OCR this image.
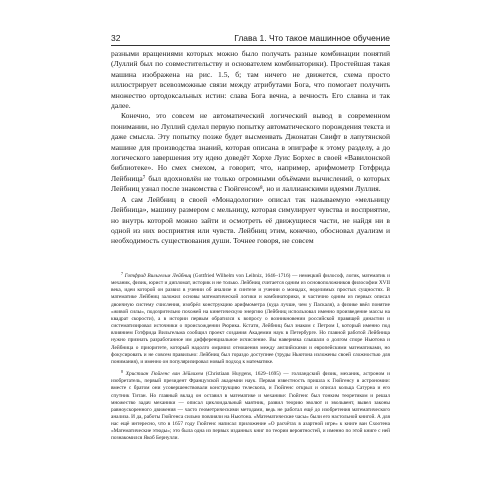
32	Глава 1. Что такое машинное обучение

разными вращениями которых можно было получать разные комбинации понятий (Луллий был по совместительству и основателем комбинаторики). Простейшая такая машина изображена на рис. 1.5, б; там ничего не движется, схема просто иллюстрирует всевозможные связи между атрибутами Бога, что помогает получить множество ортодоксальных истин: слава Бога вечна, а вечность Его славна и так далее.

Конечно, это совсем не автоматический логический вывод в современном понимании, но Луллий сделал первую попытку автоматического порождения текста и даже смысла. Эту попытку позже будет высмеивать Джонатан Свифт в лапутянской машине для производства знаний, которая описана в эпиграфе к этому разделу, а до логического завершения эту идею доведёт Хорхе Луис Борхес в своей «Вавилонской библиотеке». Но смех смехом, а говорит, что, например, арифмометр Готфрида Лейбница⁷ был вдохновлён не только огромными объёмами вычислений, о которых Лейбниц узнал после знакомства с Гюйгенсом⁸, но и лаллианскими идеями Луллия.

А сам Лейбниц в своей «Монадологии» описал так называемую «мельницу Лейбница», машину размером с мельницу, которая симулирует чувства и восприятие, но внутрь которой можно зайти и осмотреть её движущиеся части, не найдя ни в одной из них восприятия или чувств. Лейбниц этим, конечно, обосновал дуализм и необходимость существования души. Точнее говоря, не совсем

$^7$ Готфрид Вильгельм Лейбниц (Gottfried Wilhelm von Leibniz, 1646–1716) — немецкий философ, логик, математик и механик, физик, юрист и дипломат, историк и не только. Лейбниц считается одним из основоположников философии XVII века, идеи которой он развил в учении об анализе и синтезе и учении о монадах, неделимых простых сущностях. В математике Лейбниц заложил основы математической логики и комбинаторики, и частично одним из первых описал двоичную систему счисления, изобрёл конструкцию арифмометра (куда лучше, чем у Паскаля), а физике ввёл понятие «живой силы», подозрительно похожей на кинетическую энергию (Лейбниц использовал именно произведение массы на квадрат скорости), а в истории первым обратился к вопросу о возникновении российской правящей династии и систематизировал источники о происхождении Рюрика. Кстати, Лейбниц был знаком с Петром I, который именно под влиянием Готфрида Вильгельма сообщил проект создания Академии наук в Петербурге. Но главной работой Лейбница нужно признать разработанное им дифференциальное исчисление. Вы наверняка слышали о долгом споре Ньютона и Лейбница о приоритете, который надолго омрачил отношения между английскими и европейскими математиками, но фокусировать и не совсем правильно: Лейбниц был гораздо доступнее (труды Ньютона изложены своей сложностью для понимания), и именно он популяризировал новый подход к математике.

$^8$ Христиан Гюйгенс ван Зёйлихем (Christiaan Huygens, 1629–1695) — голландский физик, механик, астроном и изобретатель, первый президент Французской академии наук. Первая известность пришла к Гюйгенсу в астрономии: вместе с братом они усовершенствовали конструкцию телескопа, и Гюйгенс открыл и описал кольца Сатурна и его спутник Титан. Но главный вклад он оставил в математике и механике: Гюйгенс был тонким теоретиком и решал множество задач механики — описал циклоидальный маятник, развил теорию эволют и эвольвент, вывел законы равноускоренного движения — часто геометрическими методами, ведь не работал ещё до изобретения математического анализа. И да, работы Гюйгенса сильно повлияли на Ньютона. «Математические часы» были его настольной книгой. А для нас ещё интересно, что в 1657 году Гюйгенс написал приложение «О расчётах в азартной игре» к книге ван Схоотена «Математические этюды»; это была одна из первых изданных книг по теории вероятностей, и именно по этой книге с ней познакомился Якоб Бернулли.
